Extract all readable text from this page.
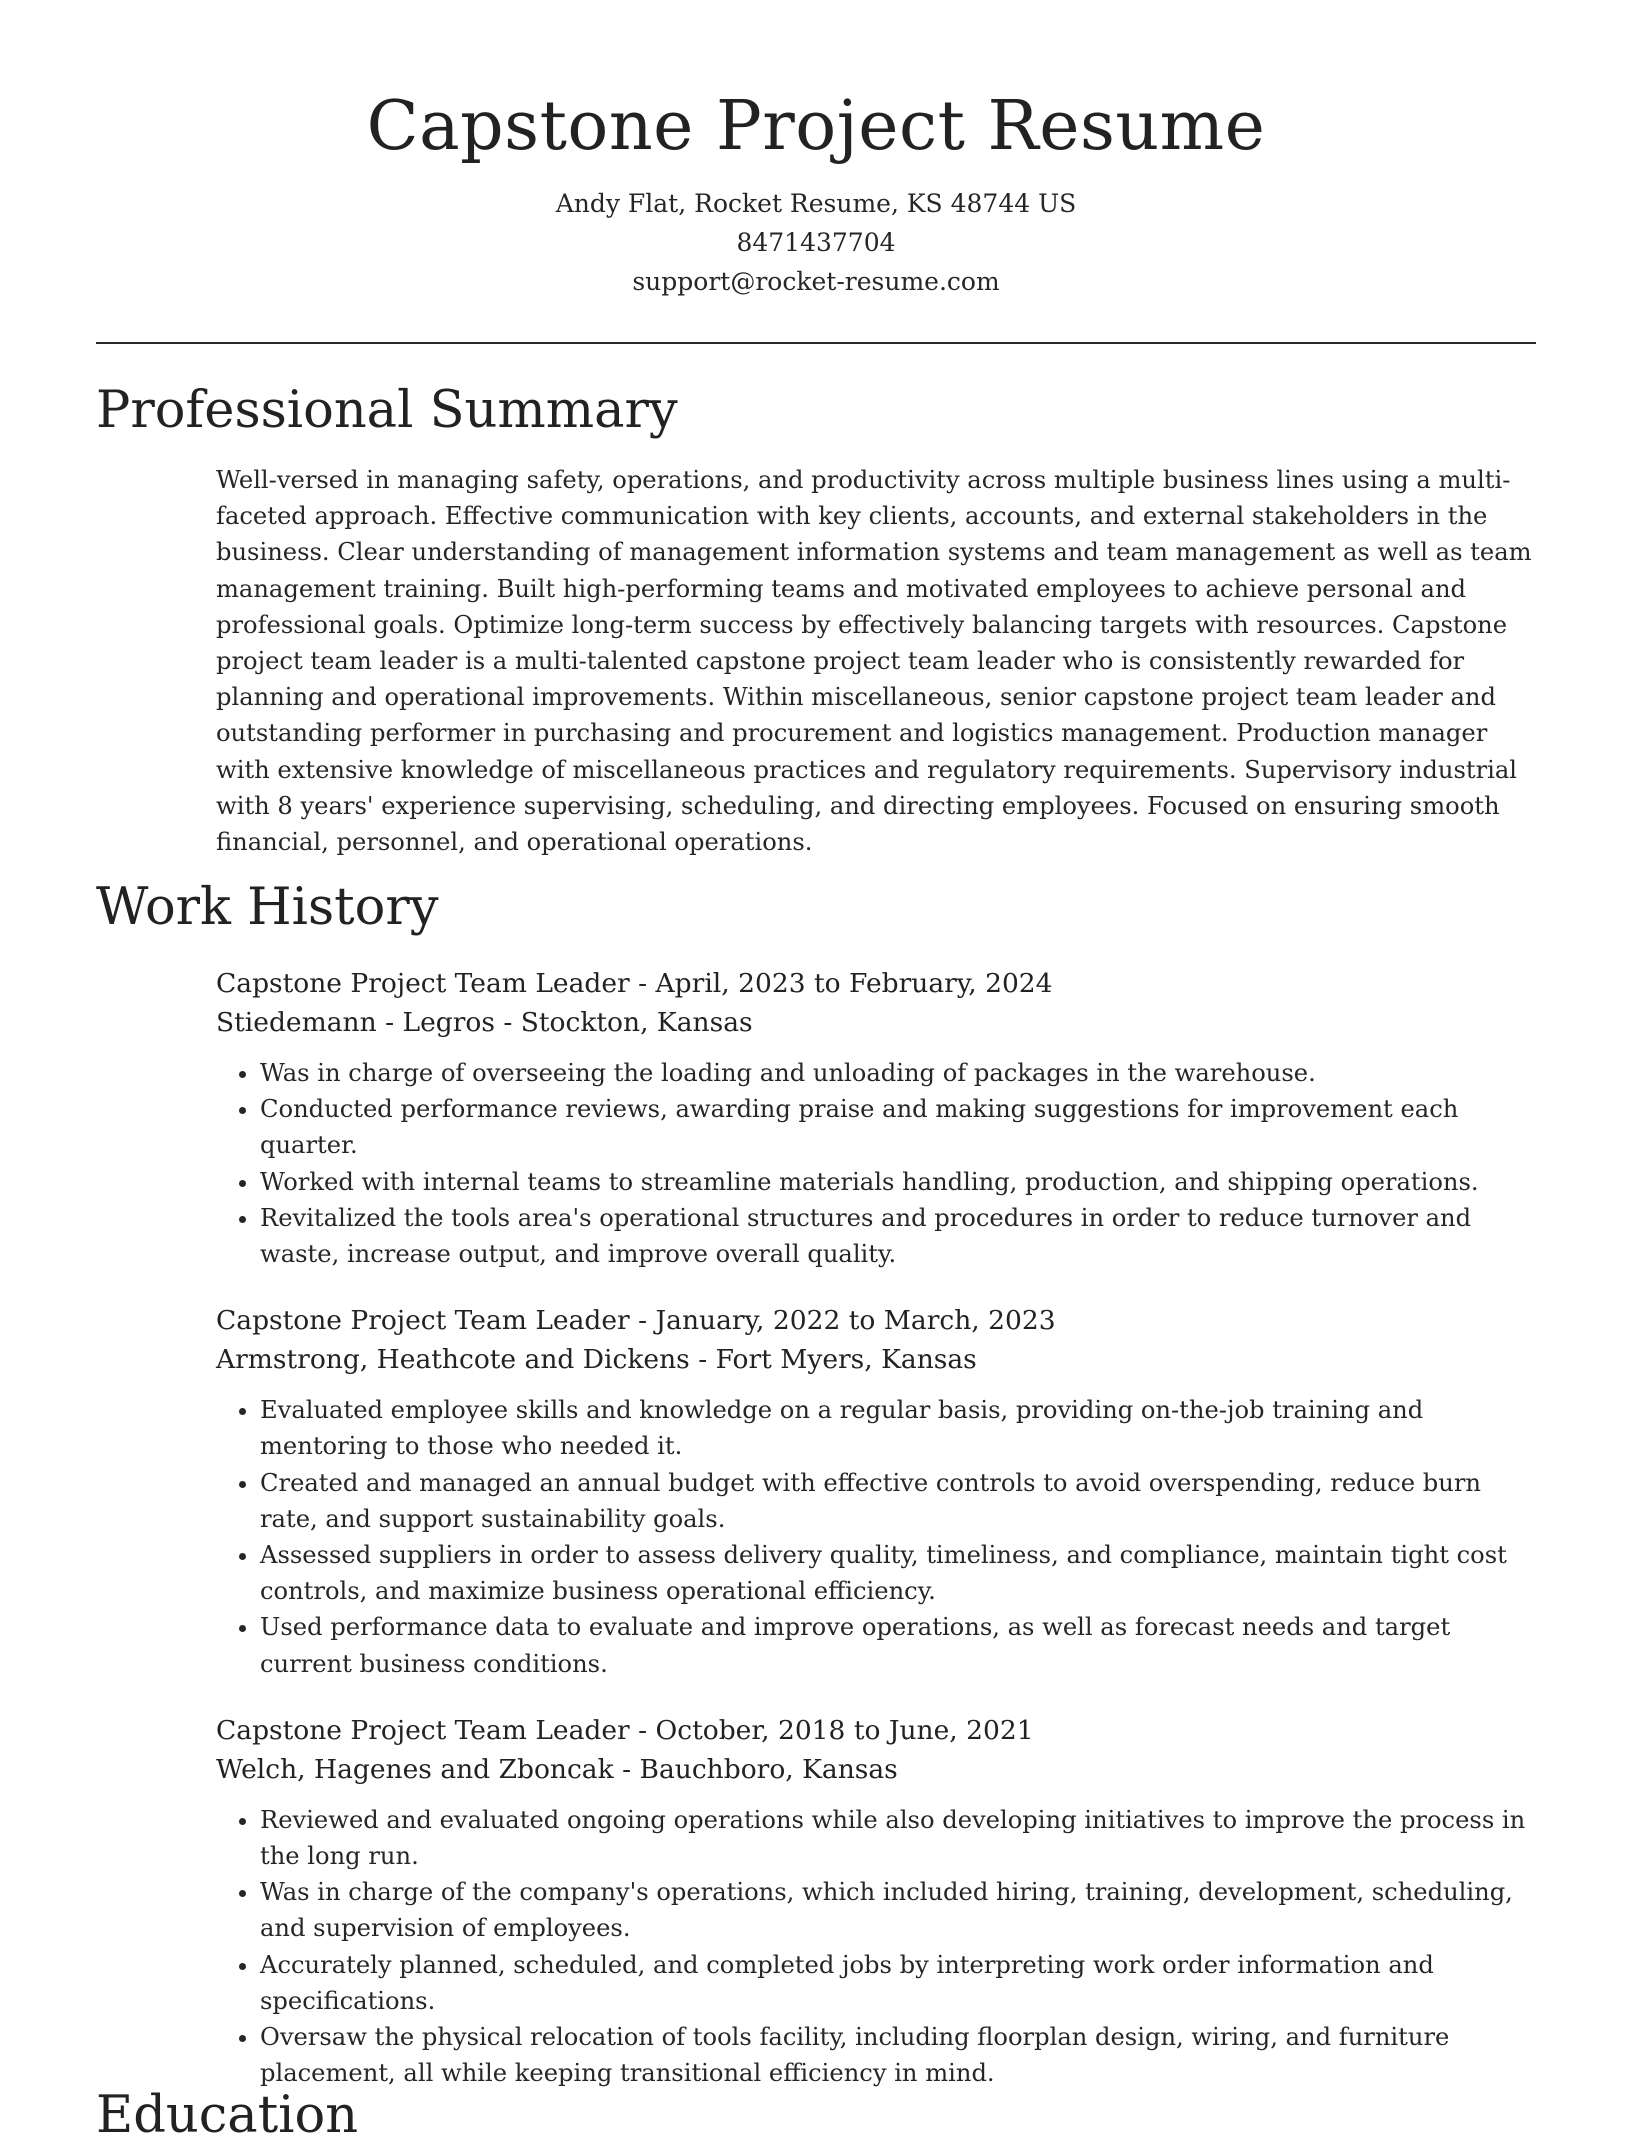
Capstone Project Resume
Andy Flat, Rocket Resume, KS 48744 US
8471437704
support@rocket-resume.com
Professional Summary

Well-versed in managing safety, operations, and productivity across multiple business lines using a multi-faceted approach. Effective communication with key clients, accounts, and external stakeholders in the business. Clear understanding of management information systems and team management as well as team management training. Built high-performing teams and motivated employees to achieve personal and professional goals. Optimize long-term success by effectively balancing targets with resources. Capstone project team leader is a multi-talented capstone project team leader who is consistently rewarded for planning and operational improvements. Within miscellaneous, senior capstone project team leader and outstanding performer in purchasing and procurement and logistics management. Production manager with extensive knowledge of miscellaneous practices and regulatory requirements. Supervisory industrial with 8 years' experience supervising, scheduling, and directing employees. Focused on ensuring smooth financial, personnel, and operational operations.

Work History
Capstone Project Team Leader - April, 2023 to February, 2024
Stiedemann - Legros - Stockton, Kansas
• Was in charge of overseeing the loading and unloading of packages in the warehouse.
• Conducted performance reviews, awarding praise and making suggestions for improvement each quarter.
• Worked with internal teams to streamline materials handling, production, and shipping operations.
• Revitalized the tools area's operational structures and procedures in order to reduce turnover and waste, increase output, and improve overall quality.
Capstone Project Team Leader - January, 2022 to March, 2023
Armstrong, Heathcote and Dickens - Fort Myers, Kansas
• Evaluated employee skills and knowledge on a regular basis, providing on-the-job training and mentoring to those who needed it.
• Created and managed an annual budget with effective controls to avoid overspending, reduce burn rate, and support sustainability goals.
• Assessed suppliers in order to assess delivery quality, timeliness, and compliance, maintain tight cost controls, and maximize business operational efficiency.
• Used performance data to evaluate and improve operations, as well as forecast needs and target current business conditions.
Capstone Project Team Leader - October, 2018 to June, 2021
Welch, Hagenes and Zboncak - Bauchboro, Kansas
• Reviewed and evaluated ongoing operations while also developing initiatives to improve the process in the long run.
• Was in charge of the company's operations, which included hiring, training, development, scheduling, and supervision of employees.
• Accurately planned, scheduled, and completed jobs by interpreting work order information and specifications.
• Oversaw the physical relocation of tools facility, including floorplan design, wiring, and furniture placement, all while keeping transitional efficiency in mind.
Education
